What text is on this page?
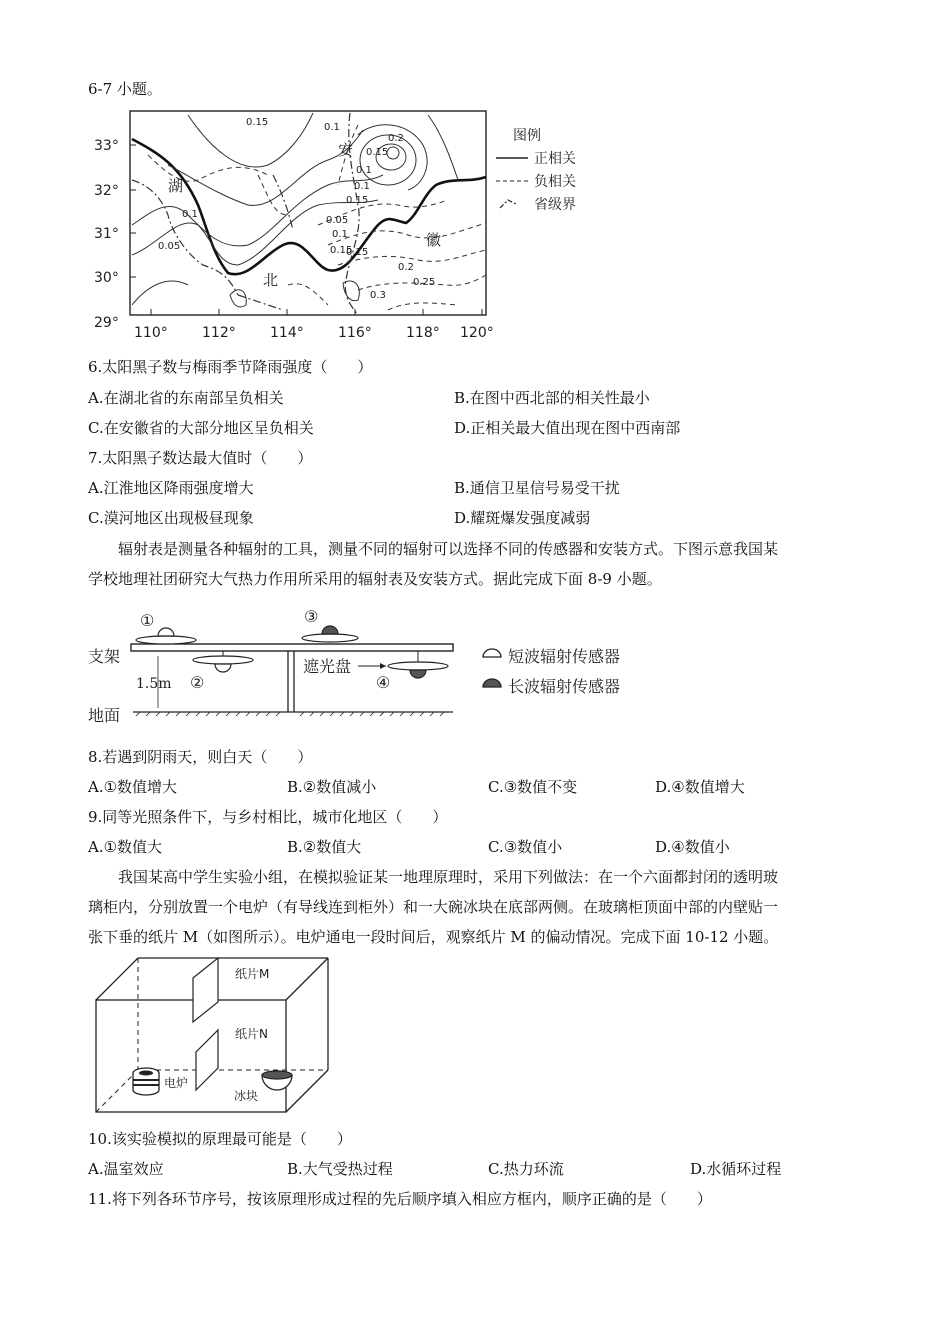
6-7 小题。
33°
32°
31°
30°
29°
110° 112° 114° 116° 118° 120°
湖
北
安
徽
0.15	0.1
0.15
0.2
0.1
0.1
0.05
0.05
0.1
0.15
0.2
0.25
0.3
0.1
0.15
0.15
图例
正相关
负相关
省级界
6.太阳黑子数与梅雨季节降雨强度（　　）
A.在湖北省的东南部呈负相关	B.在图中西北部的相关性最小
C.在安徽省的大部分地区呈负相关	D.正相关最大值出现在图中西南部
7.太阳黑子数达最大值时（　　）
A.江淮地区降雨强度增大	B.通信卫星信号易受干扰
C.漠河地区出现极昼现象	D.耀斑爆发强度减弱
辐射表是测量各种辐射的工具，测量不同的辐射可以选择不同的传感器和安装方式。下图示意我国某
学校地理社团研究大气热力作用所采用的辐射表及安装方式。据此完成下面 8-9 小题。
支架
地面
1.5m
遮光盘
①
②
③
④
短波辐射传感器
长波辐射传感器
8.若遇到阴雨天，则白天（　　）
A.①数值增大	B.②数值减小	C.③数值不变	D.④数值增大
9.同等光照条件下，与乡村相比，城市化地区（　　）
A.①数值大	B.②数值大	C.③数值小	D.④数值小
我国某高中学生实验小组，在模拟验证某一地理原理时，采用下列做法：在一个六面都封闭的透明玻
璃柜内，分别放置一个电炉（有导线连到柜外）和一大碗冰块在底部两侧。在玻璃柜顶面中部的内壁贴一
张下垂的纸片 M（如图所示）。电炉通电一段时间后，观察纸片 M 的偏动情况。完成下面 10-12 小题。
纸片M
纸片N
电炉
冰块
10.该实验模拟的原理最可能是（　　）
A.温室效应	B.大气受热过程	C.热力环流	D.水循环过程
11.将下列各环节序号，按该原理形成过程的先后顺序填入相应方框内，顺序正确的是（　　）
